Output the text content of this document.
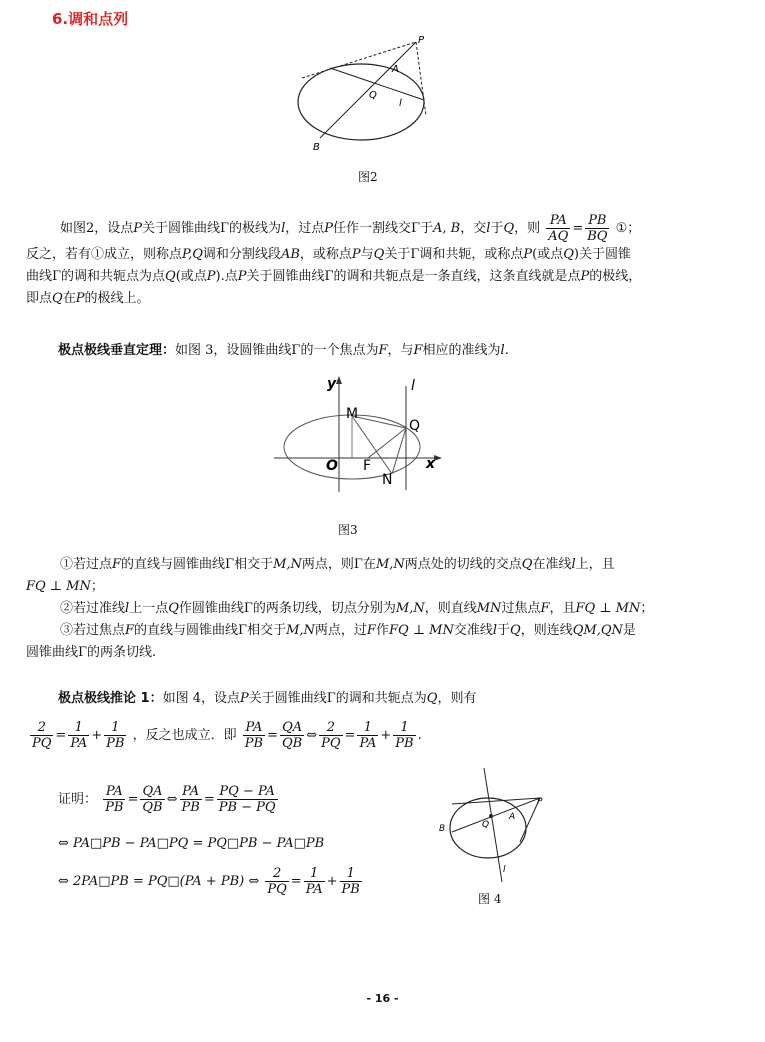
6.调和点列
P
A
Q
l
B
图2
如图2，设点P关于圆锥曲线Γ的极线为l，过点P任作一割线交Γ于A, B，交l于Q，则 $\frac{PA}{AQ} = \frac{PB}{BQ}$ ①；
反之，若有①成立，则称点P,Q调和分割线段AB，或称点P与Q关于Γ调和共轭，或称点P(或点Q)关于圆锥
曲线Γ的调和共轭点为点Q(或点P).点P关于圆锥曲线Γ的调和共轭点是一条直线，这条直线就是点P的极线，
即点Q在P的极线上。
极点极线垂直定理：如图 3，设圆锥曲线Γ的一个焦点为F，与F相应的准线为l.
y
x
l
M
Q
O F
N
图3
①若过点F的直线与圆锥曲线Γ相交于M,N两点，则Γ在M,N两点处的切线的交点Q在准线l上，且
FQ ⊥ MN；
②若过准线l上一点Q作圆锥曲线Γ的两条切线，切点分别为M,N，则直线MN过焦点F，且FQ ⊥ MN；
③若过焦点F的直线与圆锥曲线Γ相交于M,N两点，过F作FQ ⊥ MN交准线l于Q，则连线QM,QN是
圆锥曲线Γ的两条切线.
极点极线推论 1：如图 4，设点P关于圆锥曲线Γ的调和共轭点为Q，则有
$\frac{2}{PQ} = \frac{1}{PA} + \frac{1}{PB}$ ，反之也成立．即 $\frac{PA}{PB} = \frac{QA}{QB}$ ⇔ $\frac{2}{PQ} = \frac{1}{PA} + \frac{1}{PB}$ .
证明： $\frac{PA}{PB} = \frac{QA}{QB}$ ⇔ $\frac{PA}{PB} = \frac{PQ - PA}{PB - PQ}$
⇔ PA□PB − PA□PQ = PQ□PB − PA□PB
⇔ 2PA□PB = PQ□(PA + PB) ⇔ $\frac{2}{PQ} = \frac{1}{PA} + \frac{1}{PB}$
P
A
Q
B
l
图 4
- 16 -
